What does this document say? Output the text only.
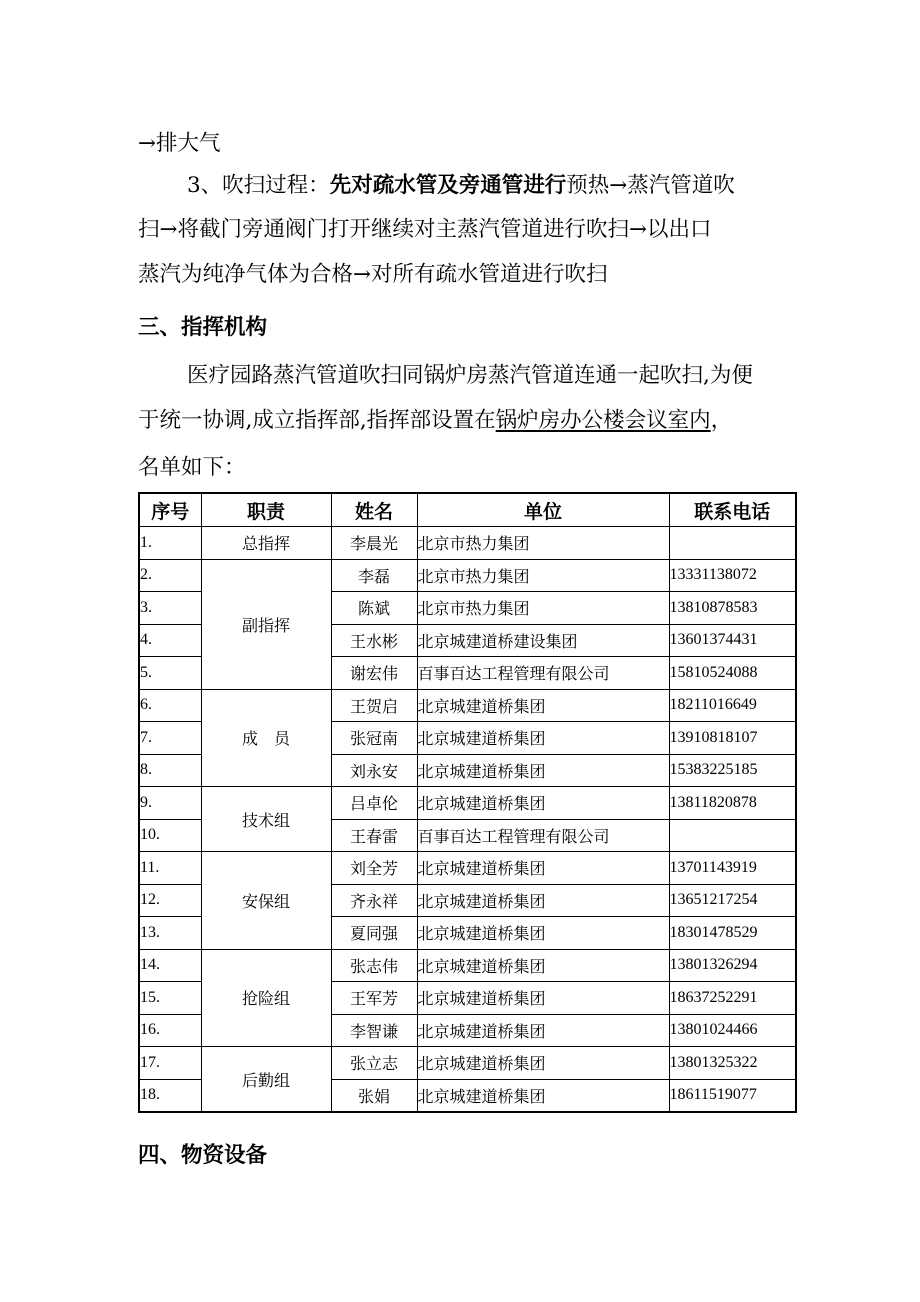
→排大气
3、吹扫过程：先对疏水管及旁通管进行预热→蒸汽管道吹
扫→将截门旁通阀门打开继续对主蒸汽管道进行吹扫→以出口
蒸汽为纯净气体为合格→对所有疏水管道进行吹扫
三、指挥机构
医疗园路蒸汽管道吹扫同锅炉房蒸汽管道连通一起吹扫,为便
于统一协调,成立指挥部,指挥部设置在锅炉房办公楼会议室内，
名单如下：
序号	职责	姓名	单位	联系电话
1.	总指挥	李晨光	北京市热力集团	
2.	副指挥	李磊	北京市热力集团	13331138072
3.		陈斌	北京市热力集团	13810878583
4.		王水彬	北京城建道桥建设集团	13601374431
5.		谢宏伟	百事百达工程管理有限公司	15810524088
6.	成　员	王贺启	北京城建道桥集团	18211016649
7.		张冠南	北京城建道桥集团	13910818107
8.		刘永安	北京城建道桥集团	15383225185
9.	技术组	吕卓伦	北京城建道桥集团	13811820878
10.		王春雷	百事百达工程管理有限公司	
11.	安保组	刘全芳	北京城建道桥集团	13701143919
12.		齐永祥	北京城建道桥集团	13651217254
13.		夏同强	北京城建道桥集团	18301478529
14.	抢险组	张志伟	北京城建道桥集团	13801326294
15.		王军芳	北京城建道桥集团	18637252291
16.		李智谦	北京城建道桥集团	13801024466
17.	后勤组	张立志	北京城建道桥集团	13801325322
18.		张娟	北京城建道桥集团	18611519077
四、物资设备
